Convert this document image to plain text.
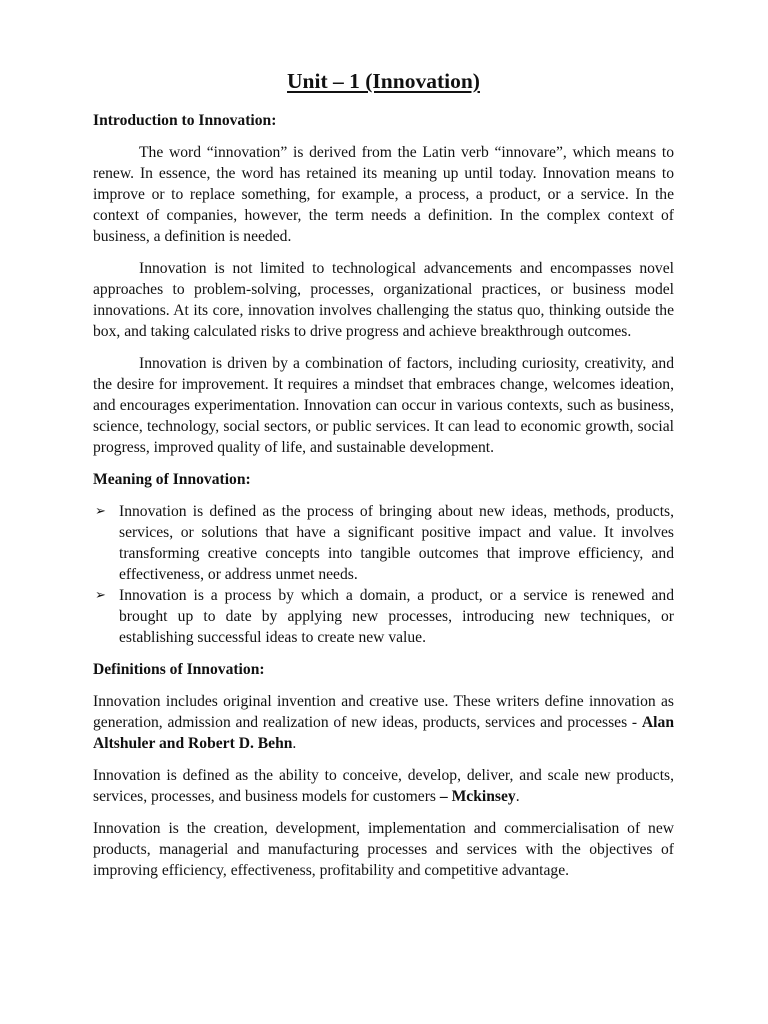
Unit – 1 (Innovation)
Introduction to Innovation:

The word “innovation” is derived from the Latin verb “innovare”, which means to renew. In essence, the word has retained its meaning up until today. Innovation means to improve or to replace something, for example, a process, a product, or a service. In the context of companies, however, the term needs a definition. In the complex context of business, a definition is needed.

Innovation is not limited to technological advancements and encompasses novel approaches to problem-solving, processes, organizational practices, or business model innovations. At its core, innovation involves challenging the status quo, thinking outside the box, and taking calculated risks to drive progress and achieve breakthrough outcomes.

Innovation is driven by a combination of factors, including curiosity, creativity, and the desire for improvement. It requires a mindset that embraces change, welcomes ideation, and encourages experimentation. Innovation can occur in various contexts, such as business, science, technology, social sectors, or public services. It can lead to economic growth, social progress, improved quality of life, and sustainable development.

Meaning of Innovation:
➢ Innovation is defined as the process of bringing about new ideas, methods, products, services, or solutions that have a significant positive impact and value. It involves transforming creative concepts into tangible outcomes that improve efficiency, and effectiveness, or address unmet needs.
➢ Innovation is a process by which a domain, a product, or a service is renewed and brought up to date by applying new processes, introducing new techniques, or establishing successful ideas to create new value.
Definitions of Innovation:

Innovation includes original invention and creative use. These writers define innovation as generation, admission and realization of new ideas, products, services and processes - Alan Altshuler and Robert D. Behn.

Innovation is defined as the ability to conceive, develop, deliver, and scale new products, services, processes, and business models for customers – Mckinsey.

Innovation is the creation, development, implementation and commercialisation of new products, managerial and manufacturing processes and services with the objectives of improving efficiency, effectiveness, profitability and competitive advantage.
